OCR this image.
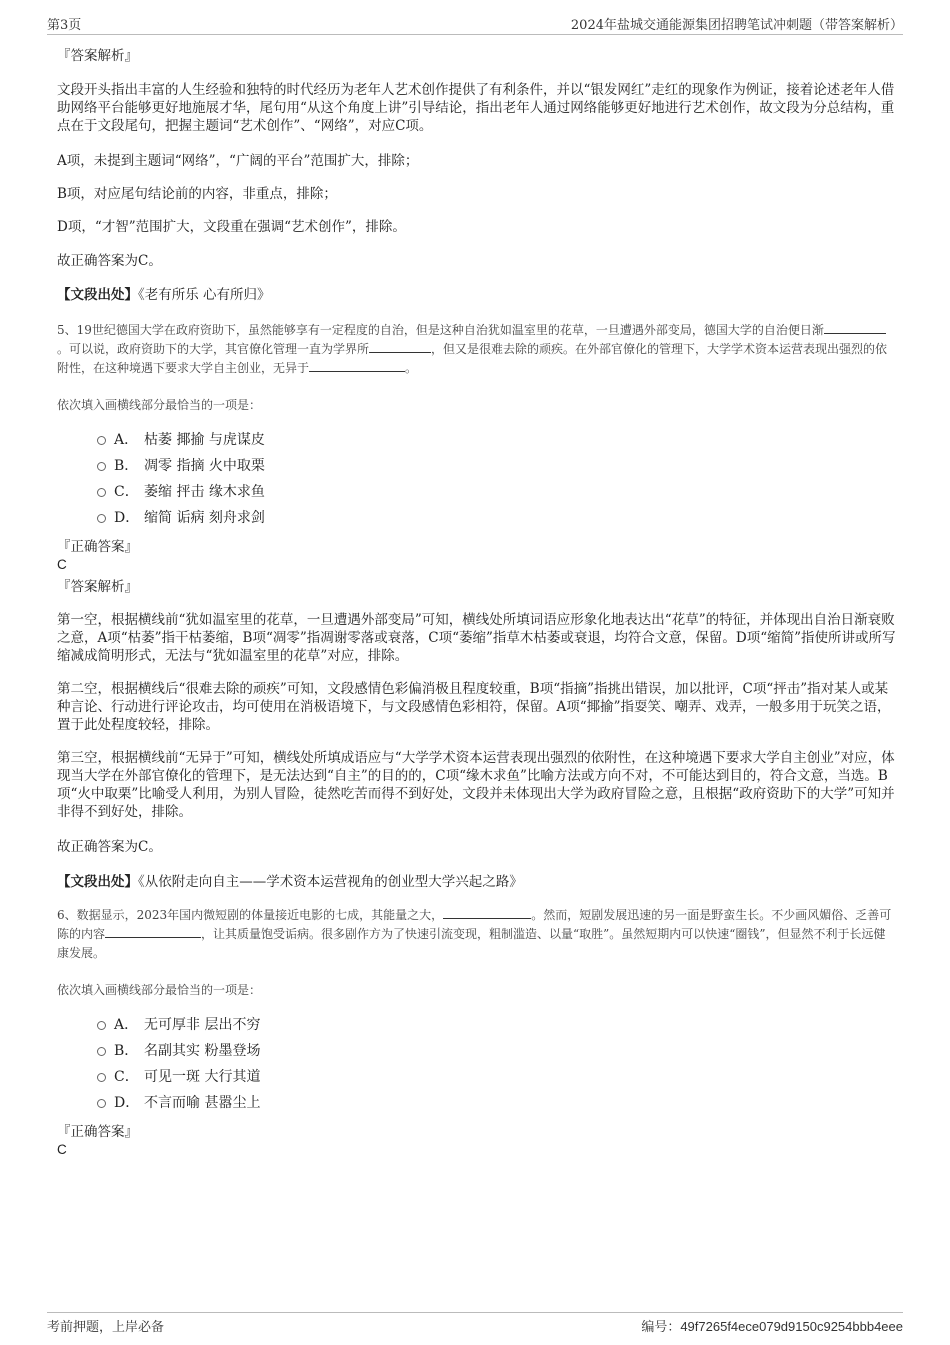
第3页	2024年盐城交通能源集团招聘笔试冲刺题（带答案解析）
『答案解析』

文段开头指出丰富的人生经验和独特的时代经历为老年人艺术创作提供了有利条件，并以“银发网红”走红的现象作为例证，接着论述老年人借助网络平台能够更好地施展才华，尾句用“从这个角度上讲”引导结论，指出老年人通过网络能够更好地进行艺术创作，故文段为分总结构，重点在于文段尾句，把握主题词“艺术创作”、“网络”，对应C项。

A项，未提到主题词“网络”，“广阔的平台”范围扩大，排除；

B项，对应尾句结论前的内容，非重点，排除；

D项，“才智”范围扩大，文段重在强调“艺术创作”，排除。

故正确答案为C。

【文段出处】《老有所乐 心有所归》

5、19世纪德国大学在政府资助下，虽然能够享有一定程度的自治，但是这种自治犹如温室里的花草，一旦遭遇外部变局，德国大学的自治便日渐。可以说，政府资助下的大学，其官僚化管理一直为学界所	，但又是很难去除的顽疾。在外部官僚化的管理下，大学学术资本运营表现出强烈的依附性，在这种境遇下要求大学自主创业，无异于	。

依次填入画横线部分最恰当的一项是：

A． 枯萎 揶揄 与虎谋皮
B． 凋零 指摘 火中取栗
C． 萎缩 抨击 缘木求鱼
D． 缩简 诟病 刻舟求剑
『正确答案』
C
『答案解析』

第一空，根据横线前“犹如温室里的花草，一旦遭遇外部变局”可知，横线处所填词语应形象化地表达出“花草”的特征，并体现出自治日渐衰败之意，A项“枯萎”指干枯萎缩，B项“凋零”指凋谢零落或衰落，C项“萎缩”指草木枯萎或衰退，均符合文意，保留。D项“缩简”指使所讲或所写缩减成简明形式，无法与“犹如温室里的花草”对应，排除。

第二空，根据横线后“很难去除的顽疾”可知，文段感情色彩偏消极且程度较重，B项“指摘”指挑出错误，加以批评，C项“抨击”指对某人或某种言论、行动进行评论攻击，均可使用在消极语境下，与文段感情色彩相符，保留。A项“揶揄”指耍笑、嘲弄、戏弄，一般多用于玩笑之语，置于此处程度较轻，排除。

第三空，根据横线前“无异于”可知，横线处所填成语应与“大学学术资本运营表现出强烈的依附性，在这种境遇下要求大学自主创业”对应，体现当大学在外部官僚化的管理下，是无法达到“自主”的目的的，C项“缘木求鱼”比喻方法或方向不对，不可能达到目的，符合文意，当选。B项“火中取栗”比喻受人利用，为别人冒险，徒然吃苦而得不到好处，文段并未体现出大学为政府冒险之意，且根据“政府资助下的大学”可知并非得不到好处，排除。

故正确答案为C。

【文段出处】《从依附走向自主——学术资本运营视角的创业型大学兴起之路》

6、数据显示，2023年国内微短剧的体量接近电影的七成，其能量之大，	。然而，短剧发展迅速的另一面是野蛮生长。不少画风媚俗、乏善可陈的内容	，让其质量饱受诟病。很多剧作方为了快速引流变现，粗制滥造、以量“取胜”。虽然短期内可以快速“圈钱”，但显然不利于长远健康发展。

依次填入画横线部分最恰当的一项是：

A． 无可厚非 层出不穷
B． 名副其实 粉墨登场
C． 可见一斑 大行其道
D． 不言而喻 甚嚣尘上
『正确答案』
C
考前押题，上岸必备	编号：49f7265f4ece079d9150c9254bbb4eee
